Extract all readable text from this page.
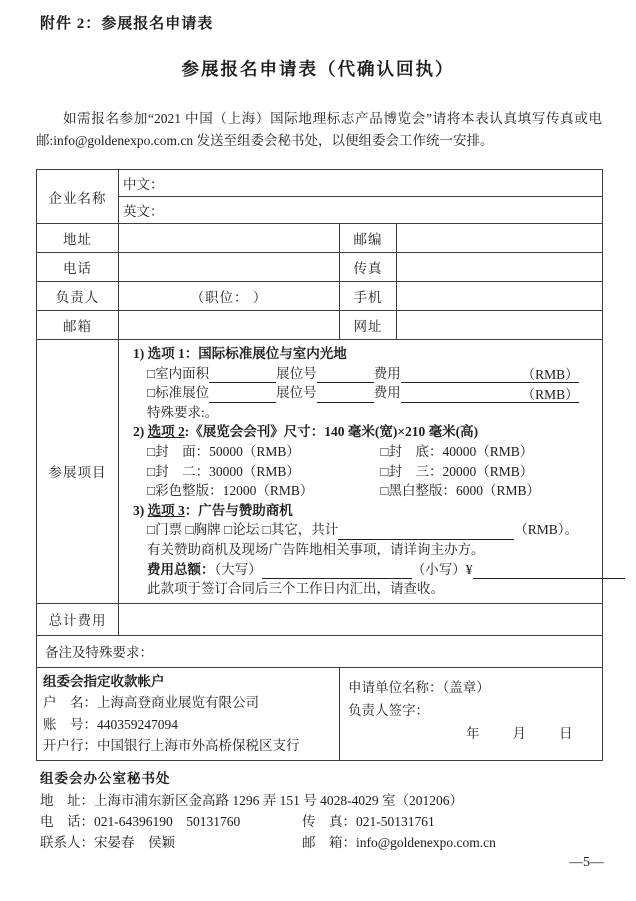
附件 2：参展报名申请表
参展报名申请表（代确认回执）
如需报名参加“2021 中国（上海）国际地理标志产品博览会”请将本表认真填写传真或电邮:info@goldenexpo.com.cn 发送至组委会秘书处，以便组委会工作统一安排。
企业名称	中文：		
	英文：		
地址		邮编	
电话		传真	
负责人	（职位： ）	手机	
邮箱		网址	
参展项目	
1) 选项 1：国际标准展位与室内光地
□室内面积	展位号	费用	（RMB）
□标准展位	展位号	费用	（RMB）
特殊要求:。
2) 选项 2:《展览会会刊》尺寸：140 毫米(宽)×210 毫米(高)
□封　面：50000（RMB）	□封　底：40000（RMB）
□封　二：30000（RMB）	□封　三：20000（RMB）
□彩色整版：12000（RMB）	□黑白整版：6000（RMB）
3) 选项 3：广告与赞助商机
□门票 □胸牌 □论坛 □其它，共计	（RMB）。
有关赞助商机及现场广告阵地相关事项，请详询主办方。
费用总额：（大写）	（小写）¥
此款项于签订合同后三个工作日内汇出，请查收。

总计费用			
备注及特殊要求：			

组委会指定收款帐户
户　名：上海高登商业展览有限公司
账　号：440359247094
开户行：中国银行上海市外高桥保税区支行

申请单位名称：（盖章）
负责人签字：
年　　月　　日
组委会办公室秘书处
地　址：上海市浦东新区金高路 1296 弄 151 号 4028-4029 室（201206）
电　话：021-64396190　50131760	传　真：021-50131761
联系人：宋晏春　侯颖	邮　箱：info@goldenexpo.com.cn
—5—
